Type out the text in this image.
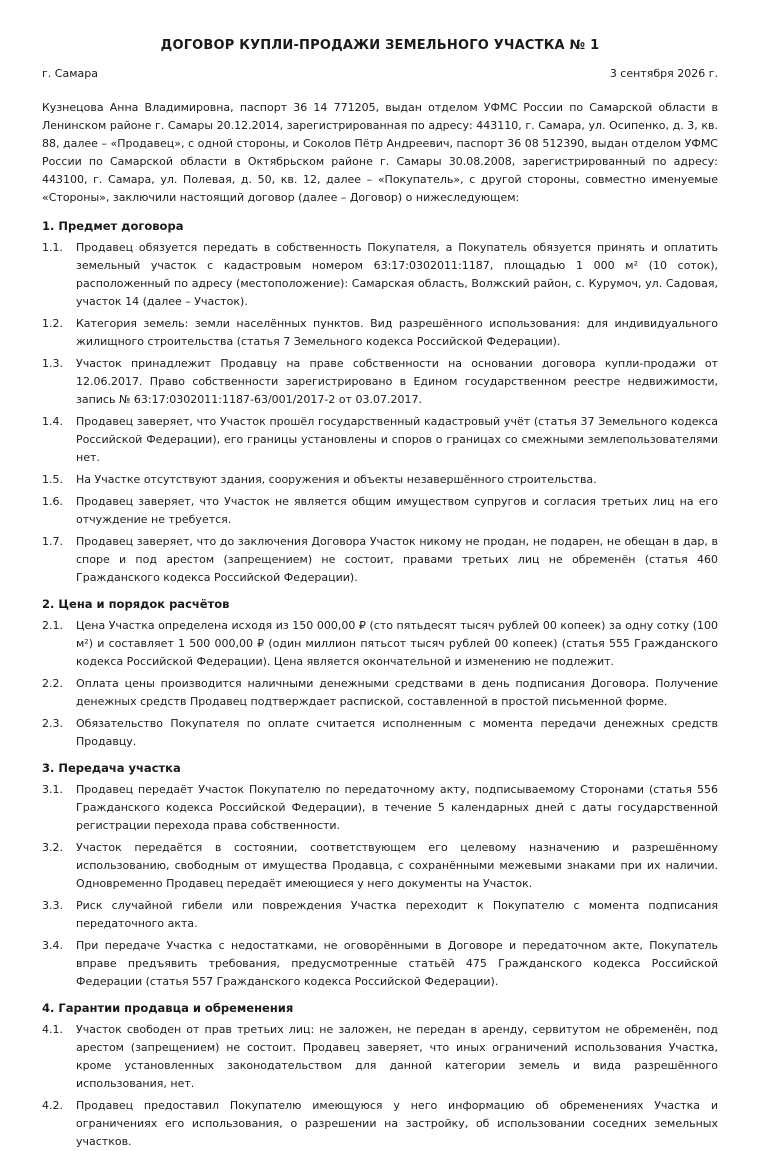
ДОГОВОР КУПЛИ-ПРОДАЖИ ЗЕМЕЛЬНОГО УЧАСТКА № 1
г. Самара	3 сентября 2026 г.
Кузнецова Анна Владимировна, паспорт 36 14 771205, выдан отделом УФМС России по Самарской области в Ленинском районе г. Самары 20.12.2014, зарегистрированная по адресу: 443110, г. Самара, ул. Осипенко, д. 3, кв. 88, далее – «Продавец», с одной стороны, и Соколов Пётр Андреевич, паспорт 36 08 512390, выдан отделом УФМС России по Самарской области в Октябрьском районе г. Самары 30.08.2008, зарегистрированный по адресу: 443100, г. Самара, ул. Полевая, д. 50, кв. 12, далее – «Покупатель», с другой стороны, совместно именуемые «Стороны», заключили настоящий договор (далее – Договор) о нижеследующем:
1. Предмет договора
1.1.	Продавец обязуется передать в собственность Покупателя, а Покупатель обязуется принять и оплатить земельный участок с кадастровым номером 63:17:0302011:1187, площадью 1 000 м² (10 соток), расположенный по адресу (местоположение): Самарская область, Волжский район, с. Курумоч, ул. Садовая, участок 14 (далее – Участок).
1.2.	Категория земель: земли населённых пунктов. Вид разрешённого использования: для индивидуального жилищного строительства (статья 7 Земельного кодекса Российской Федерации).
1.3.	Участок принадлежит Продавцу на праве собственности на основании договора купли-продажи от 12.06.2017. Право собственности зарегистрировано в Едином государственном реестре недвижимости, запись № 63:17:0302011:1187-63/001/2017-2 от 03.07.2017.
1.4.	Продавец заверяет, что Участок прошёл государственный кадастровый учёт (статья 37 Земельного кодекса Российской Федерации), его границы установлены и споров о границах со смежными землепользователями нет.
1.5.	На Участке отсутствуют здания, сооружения и объекты незавершённого строительства.
1.6.	Продавец заверяет, что Участок не является общим имуществом супругов и согласия третьих лиц на его отчуждение не требуется.
1.7.	Продавец заверяет, что до заключения Договора Участок никому не продан, не подарен, не обещан в дар, в споре и под арестом (запрещением) не состоит, правами третьих лиц не обременён (статья 460 Гражданского кодекса Российской Федерации).
2. Цена и порядок расчётов
2.1.	Цена Участка определена исходя из 150 000,00 ₽ (сто пятьдесят тысяч рублей 00 копеек) за одну сотку (100 м²) и составляет 1 500 000,00 ₽ (один миллион пятьсот тысяч рублей 00 копеек) (статья 555 Гражданского кодекса Российской Федерации). Цена является окончательной и изменению не подлежит.
2.2.	Оплата цены производится наличными денежными средствами в день подписания Договора. Получение денежных средств Продавец подтверждает распиской, составленной в простой письменной форме.
2.3.	Обязательство Покупателя по оплате считается исполненным с момента передачи денежных средств Продавцу.
3. Передача участка
3.1.	Продавец передаёт Участок Покупателю по передаточному акту, подписываемому Сторонами (статья 556 Гражданского кодекса Российской Федерации), в течение 5 календарных дней с даты государственной регистрации перехода права собственности.
3.2.	Участок передаётся в состоянии, соответствующем его целевому назначению и разрешённому использованию, свободным от имущества Продавца, с сохранёнными межевыми знаками при их наличии. Одновременно Продавец передаёт имеющиеся у него документы на Участок.
3.3.	Риск случайной гибели или повреждения Участка переходит к Покупателю с момента подписания передаточного акта.
3.4.	При передаче Участка с недостатками, не оговорёнными в Договоре и передаточном акте, Покупатель вправе предъявить требования, предусмотренные статьёй 475 Гражданского кодекса Российской Федерации (статья 557 Гражданского кодекса Российской Федерации).
4. Гарантии продавца и обременения
4.1.	Участок свободен от прав третьих лиц: не заложен, не передан в аренду, сервитутом не обременён, под арестом (запрещением) не состоит. Продавец заверяет, что иных ограничений использования Участка, кроме установленных законодательством для данной категории земель и вида разрешённого использования, нет.
4.2.	Продавец предоставил Покупателю имеющуюся у него информацию об обременениях Участка и ограничениях его использования, о разрешении на застройку, об использовании соседних земельных участков.
